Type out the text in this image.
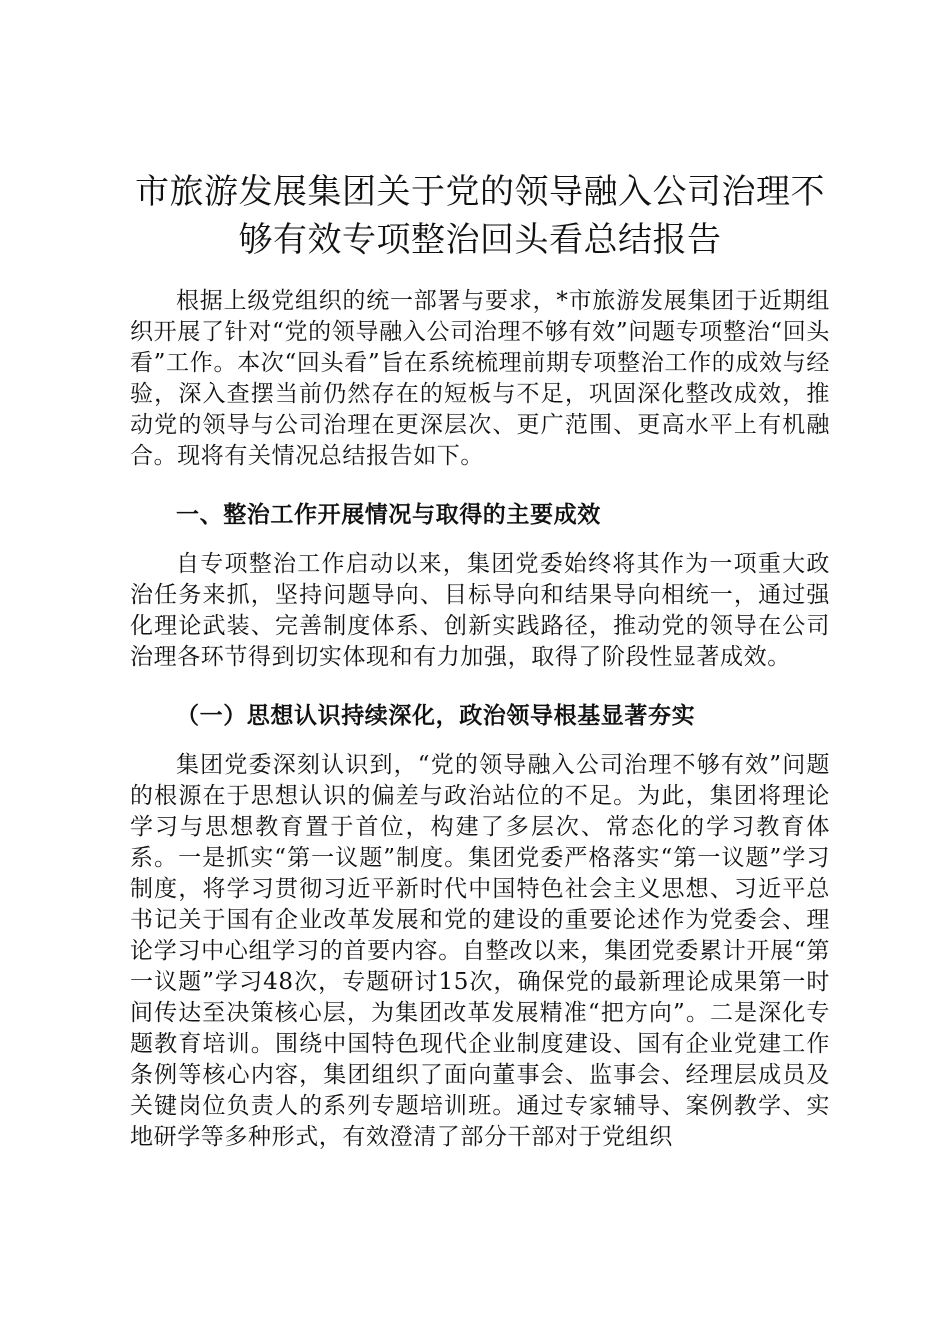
市旅游发展集团关于党的领导融入公司治理不
够有效专项整治回头看总结报告

根据上级党组织的统一部署与要求，*市旅游发展集团于近期组织开展了针对“党的领导融入公司治理不够有效”问题专项整治“回头看”工作。本次“回头看”旨在系统梳理前期专项整治工作的成效与经验，深入查摆当前仍然存在的短板与不足，巩固深化整改成效，推动党的领导与公司治理在更深层次、更广范围、更高水平上有机融合。现将有关情况总结报告如下。

一、整治工作开展情况与取得的主要成效

自专项整治工作启动以来，集团党委始终将其作为一项重大政治任务来抓，坚持问题导向、目标导向和结果导向相统一，通过强化理论武装、完善制度体系、创新实践路径，推动党的领导在公司治理各环节得到切实体现和有力加强，取得了阶段性显著成效。

（一）思想认识持续深化，政治领导根基显著夯实

集团党委深刻认识到，“党的领导融入公司治理不够有效”问题的根源在于思想认识的偏差与政治站位的不足。为此，集团将理论学习与思想教育置于首位，构建了多层次、常态化的学习教育体系。一是抓实“第一议题”制度。集团党委严格落实“第一议题”学习制度，将学习贯彻习近平新时代中国特色社会主义思想、习近平总书记关于国有企业改革发展和党的建设的重要论述作为党委会、理论学习中心组学习的首要内容。自整改以来，集团党委累计开展“第一议题”学习48次，专题研讨15次，确保党的最新理论成果第一时间传达至决策核心层，为集团改革发展精准“把方向”。二是深化专题教育培训。围绕中国特色现代企业制度建设、国有企业党建工作条例等核心内容，集团组织了面向董事会、监事会、经理层成员及关键岗位负责人的系列专题培训班。通过专家辅导、案例教学、实地研学等多种形式，有效澄清了部分干部对于党组织
